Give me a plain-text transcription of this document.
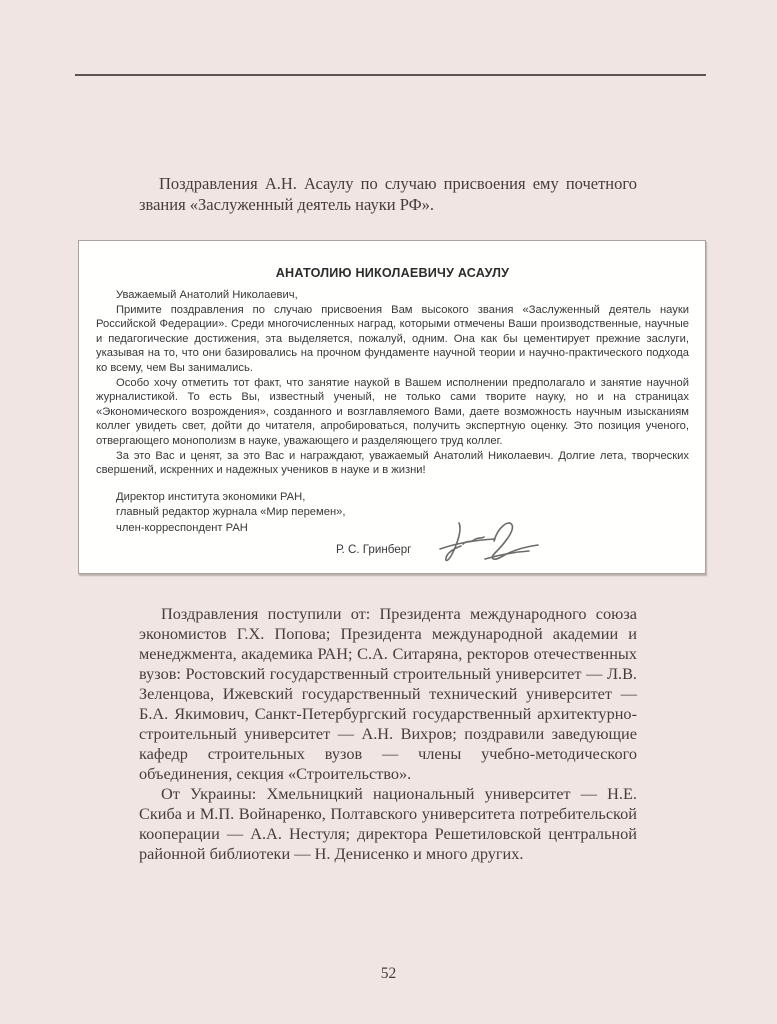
Поздравления А.Н. Асаулу по случаю присвоения ему почетного звания «Заслуженный деятель науки РФ».

АНАТОЛИЮ НИКОЛАЕВИЧУ АСАУЛУ

Уважаемый Анатолий Николаевич,

Примите поздравления по случаю присвоения Вам высокого звания «Заслуженный деятель науки Российской Федерации». Среди многочисленных наград, которыми отмечены Ваши производственные, научные и педагогические достижения, эта выделяется, пожалуй, одним. Она как бы цементирует прежние заслуги, указывая на то, что они базировались на прочном фундаменте научной теории и научно-практического подхода ко всему, чем Вы занимались.

Особо хочу отметить тот факт, что занятие наукой в Вашем исполнении предполагало и занятие научной журналистикой. То есть Вы, известный ученый, не только сами творите науку, но и на страницах «Экономического возрождения», созданного и возглавляемого Вами, даете возможность научным изысканиям коллег увидеть свет, дойти до читателя, апробироваться, получить экспертную оценку. Это позиция ученого, отвергающего монополизм в науке, уважающего и разделяющего труд коллег.

За это Вас и ценят, за это Вас и награждают, уважаемый Анатолий Николаевич. Долгие лета, творческих свершений, искренних и надежных учеников в науке и в жизни!

Директор института экономики РАН,
главный редактор журнала «Мир перемен»,
член-корреспондент РАН
Р. С. Гринберг

Поздравления поступили от: Президента международного союза экономистов Г.Х. Попова; Президента международной академии и менеджмента, академика РАН; С.А. Ситаряна, ректоров отечественных вузов: Ростовский государственный строительный университет — Л.В. Зеленцова, Ижевский государственный технический университет — Б.А. Якимович, Санкт-Петербургский государственный архитектурно-строительный университет — А.Н. Вихров; поздравили заведующие кафедр строительных вузов — члены учебно-методического объединения, секция «Строительство».

От Украины: Хмельницкий национальный университет — Н.Е. Скиба и М.П. Войнаренко, Полтавского университета потребительской кооперации — А.А. Нестуля; директора Решетиловской центральной районной библиотеки — Н. Денисенко и много других.

52
